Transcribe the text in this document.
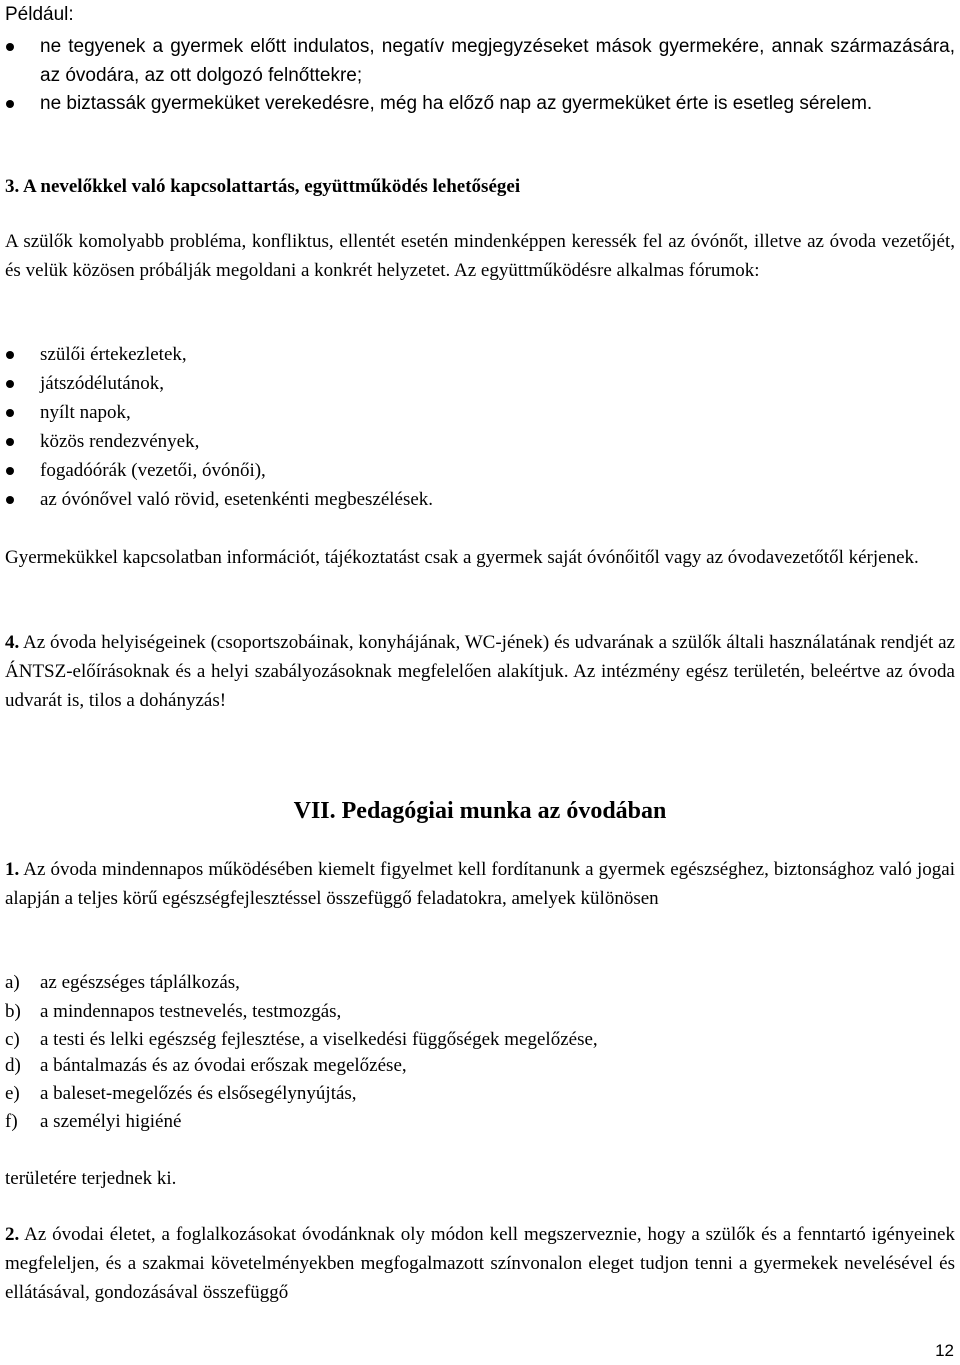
Például:
ne tegyenek a gyermek előtt indulatos, negatív megjegyzéseket mások gyermekére, annak származására, az óvodára, az ott dolgozó felnőttekre;
ne biztassák gyermeküket verekedésre, még ha előző nap az gyermeküket érte is esetleg sérelem.
3. A nevelőkkel való kapcsolattartás, együttműködés lehetőségei

A szülők komolyabb probléma, konfliktus, ellentét esetén mindenképpen keressék fel az óvónőt, illetve az óvoda vezetőjét, és velük közösen próbálják megoldani a konkrét helyzetet. Az együttműködésre alkalmas fórumok:

szülői értekezletek,
játszódélutánok,
nyílt napok,
közös rendezvények,
fogadóórák (vezetői, óvónői),
az óvónővel való rövid, esetenkénti megbeszélések.

Gyermekükkel kapcsolatban információt, tájékoztatást csak a gyermek saját óvónőitől vagy az óvodavezetőtől kérjenek.

4. Az óvoda helyiségeinek (csoportszobáinak, konyhájának, WC-jének) és udvarának a szülők általi használatának rendjét az ÁNTSZ-előírásoknak és a helyi szabályozásoknak megfelelően alakítjuk. Az intézmény egész területén, beleértve az óvoda udvarát is, tilos a dohányzás!

VII. Pedagógiai munka az óvodában

1. Az óvoda mindennapos működésében kiemelt figyelmet kell fordítanunk a gyermek egészséghez, biztonsághoz való jogai alapján a teljes körű egészségfejlesztéssel összefüggő feladatokra, amelyek különösen

a) az egészséges táplálkozás,
b) a mindennapos testnevelés, testmozgás,
c) a testi és lelki egészség fejlesztése, a viselkedési függőségek megelőzése,
d) a bántalmazás és az óvodai erőszak megelőzése,
e) a baleset-megelőzés és elsősegélynyújtás,
f) a személyi higiéné
területére terjednek ki.

2. Az óvodai életet, a foglalkozásokat óvodánknak oly módon kell megszerveznie, hogy a szülők és a fenntartó igényeinek megfeleljen, és a szakmai követelményekben megfogalmazott színvonalon eleget tudjon tenni a gyermekek nevelésével és ellátásával, gondozásával összefüggő

12
